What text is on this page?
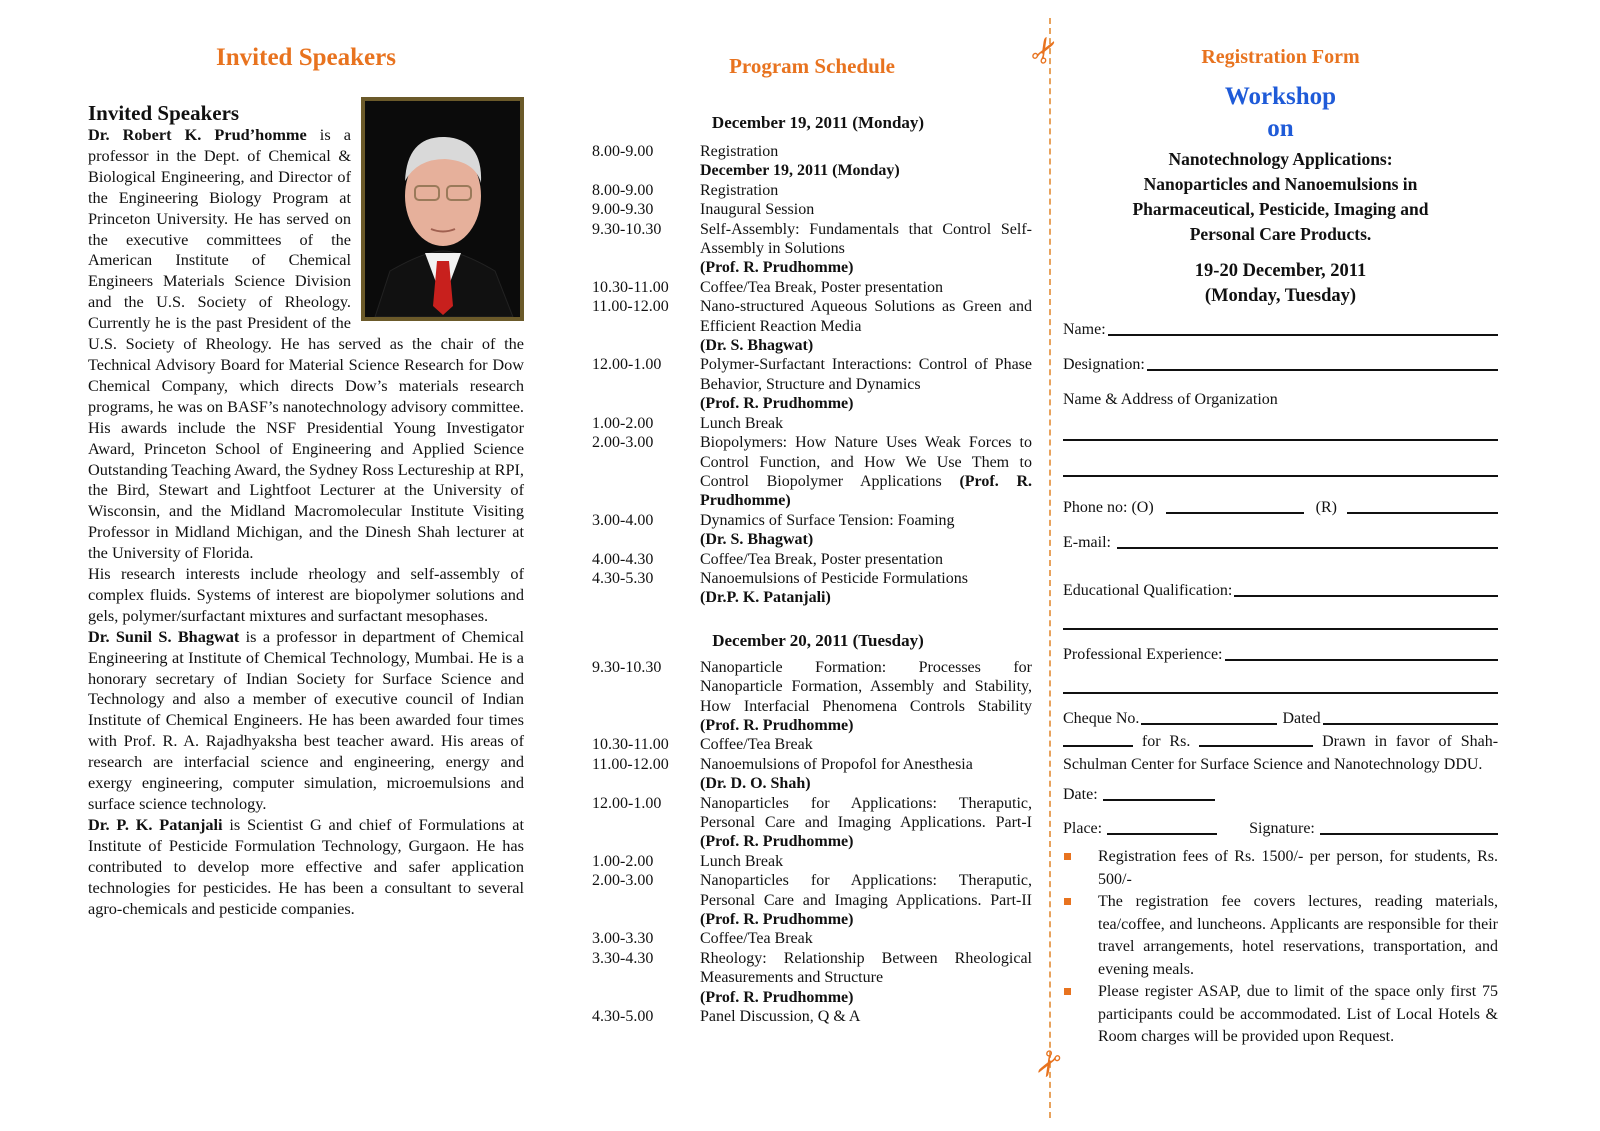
Invited Speakers
Invited Speakers

Dr. Robert K. Prud’homme is a professor in the Dept. of Chemical & Biological Engineering, and Director of the Engineering Biology Program at Princeton University. He has served on the executive committees of the American Institute of Chemical Engineers Materials Science Division and the U.S. Society of Rheology. Currently he is the past President of the U.S. Society of Rheology. He has served as the chair of the Technical Advisory Board for Material Science Research for Dow Chemical Company, which directs Dow’s materials research programs, he was on BASF’s nanotechnology advisory committee. His awards include the NSF Presidential Young Investigator Award, Princeton School of Engineering and Applied Science Outstanding Teaching Award, the Sydney Ross Lectureship at RPI, the Bird, Stewart and Lightfoot Lecturer at the University of Wisconsin, and the Midland Macromolecular Institute Visiting Professor in Midland Michigan, and the Dinesh Shah lecturer at the University of Florida.

His research interests include rheology and self-assembly of complex fluids. Systems of interest are biopolymer solutions and gels, polymer/surfactant mixtures and surfactant mesophases.

Dr. Sunil S. Bhagwat is a professor in department of Chemical Engineering at Institute of Chemical Technology, Mumbai. He is a honorary secretary of Indian Society for Surface Science and Technology and also a member of executive council of Indian Institute of Chemical Engineers. He has been awarded four times with Prof. R. A. Rajadhyaksha best teacher award. His areas of research are interfacial science and engineering, energy and exergy engineering, computer simulation, microemulsions and surface science technology.

Dr. P. K. Patanjali is Scientist G and chief of Formulations at Institute of Pesticide Formulation Technology, Gurgaon. He has contributed to develop more effective and safer application technologies for pesticides. He has been a consultant to several agro-chemicals and pesticide companies.

Program Schedule
December 19, 2011 (Monday)
8.00-9.00	Registration
December 19, 2011 (Monday)
8.00-9.00	Registration
9.00-9.30	Inaugural Session
9.30-10.30	Self-Assembly: Fundamentals that Control Self-Assembly in Solutions
(Prof. R. Prudhomme)
10.30-11.00	Coffee/Tea Break, Poster presentation
11.00-12.00	Nano-structured Aqueous Solutions as Green and Efficient Reaction Media
(Dr. S. Bhagwat)
12.00-1.00	Polymer-Surfactant Interactions: Control of Phase Behavior, Structure and Dynamics
(Prof. R. Prudhomme)
1.00-2.00	Lunch Break
2.00-3.00	Biopolymers: How Nature Uses Weak Forces to Control Function, and How We Use Them to Control Biopolymer Applications (Prof. R. Prudhomme)
3.00-4.00	Dynamics of Surface Tension: Foaming
(Dr. S. Bhagwat)
4.00-4.30	Coffee/Tea Break, Poster presentation
4.30-5.30	Nanoemulsions of Pesticide Formulations
(Dr.P. K. Patanjali)
December 20, 2011 (Tuesday)
9.30-10.30	Nanoparticle Formation: Processes for Nanoparticle Formation, Assembly and Stability, How Interfacial Phenomena Controls Stability (Prof. R. Prudhomme)
10.30-11.00	Coffee/Tea Break
11.00-12.00	Nanoemulsions of Propofol for Anesthesia
(Dr. D. O. Shah)
12.00-1.00	Nanoparticles for Applications: Theraputic, Personal Care and Imaging Applications. Part-I (Prof. R. Prudhomme)
1.00-2.00	Lunch Break
2.00-3.00	Nanoparticles for Applications: Theraputic, Personal Care and Imaging Applications. Part-II (Prof. R. Prudhomme)
3.00-3.30	Coffee/Tea Break
3.30-4.30	Rheology: Relationship Between Rheological Measurements and Structure
(Prof. R. Prudhomme)
4.30-5.00	Panel Discussion, Q & A
✂
✂
Registration Form
Workshop
on
Nanotechnology Applications:
Nanoparticles and Nanoemulsions in
Pharmaceutical, Pesticide, Imaging and
Personal Care Products.
19-20 December, 2011
(Monday, Tuesday)
Name:
Designation:
Name & Address of Organization
Phone no: (O)	(R)
E-mail:
Educational Qualification:
Professional Experience:
Cheque No.	Dated
for Rs.	Drawn in favor of Shah-Schulman Center for Surface Science and Nanotechnology DDU.
Date:
Place:	Signature:
Registration fees of Rs. 1500/- per person, for students, Rs. 500/-
The registration fee covers lectures, reading materials, tea/coffee, and luncheons. Applicants are responsible for their travel arrangements, hotel reservations, transportation, and evening meals.
Please register ASAP, due to limit of the space only first 75 participants could be accommodated. List of Local Hotels & Room charges will be provided upon Request.
